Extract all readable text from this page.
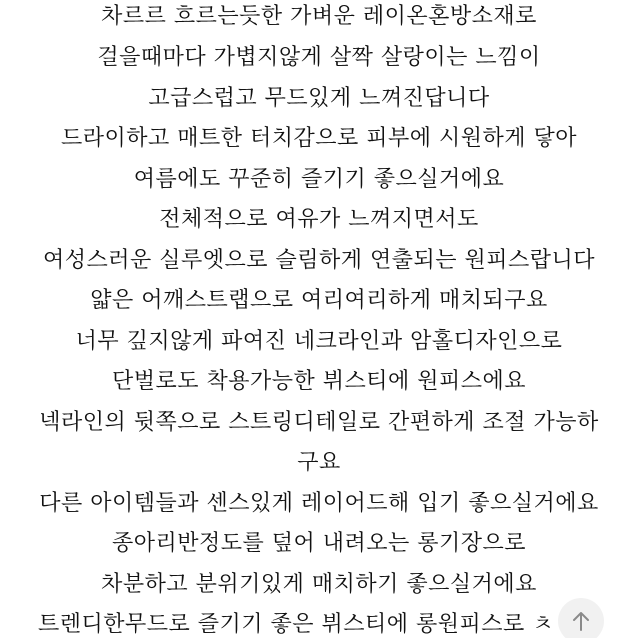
차르르 흐르는듯한 가벼운 레이온혼방소재로
걸을때마다 가볍지않게 살짝 살랑이는 느낌이
고급스럽고 무드있게 느껴진답니다
드라이하고 매트한 터치감으로 피부에 시원하게 닿아
여름에도 꾸준히 즐기기 좋으실거에요
전체적으로 여유가 느껴지면서도
여성스러운 실루엣으로 슬림하게 연출되는 원피스랍니다
얇은 어깨스트랩으로 여리여리하게 매치되구요
너무 깊지않게 파여진 네크라인과 암홀디자인으로
단벌로도 착용가능한 뷔스티에 원피스에요
넥라인의 뒷쪽으로 스트링디테일로 간편하게 조절 가능하
구요
다른 아이템들과 센스있게 레이어드해 입기 좋으실거에요
종아리반정도를 덮어 내려오는 롱기장으로
차분하고 분위기있게 매치하기 좋으실거에요
트렌디한무드로 즐기기 좋은 뷔스티에 롱원피스로 ㅊ
